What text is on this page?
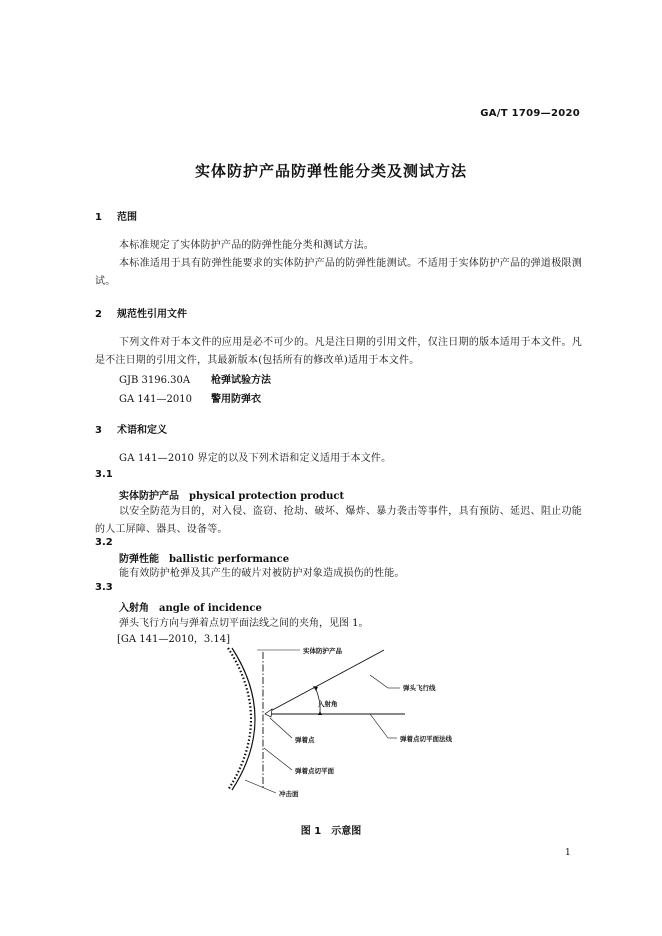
GA/T 1709—2020
实体防护产品防弹性能分类及测试方法
1 范围
本标准规定了实体防护产品的防弹性能分类和测试方法。
本标准适用于具有防弹性能要求的实体防护产品的防弹性能测试。不适用于实体防护产品的弹道极限测试。
2 规范性引用文件
下列文件对于本文件的应用是必不可少的。凡是注日期的引用文件，仅注日期的版本适用于本文件。凡是不注日期的引用文件，其最新版本(包括所有的修改单)适用于本文件。
GJB 3196.30A 枪弹试验方法
GA 141—2010 警用防弹衣
3 术语和定义
GA 141—2010 界定的以及下列术语和定义适用于本文件。
3.1
实体防护产品 physical protection product
以安全防范为目的，对入侵、盗窃、抢劫、破坏、爆炸、暴力袭击等事件，具有预防、延迟、阻止功能的人工屏障、器具、设备等。
3.2
防弹性能 ballistic performance
能有效防护枪弹及其产生的破片对被防护对象造成损伤的性能。
3.3
入射角 angle of incidence
弹头飞行方向与弹着点切平面法线之间的夹角，见图 1。
[GA 141—2010，3.14]
实体防护产品
弹头飞行线
入射角
弹着点	弹着点切平面法线
弹着点切平面
冲击面
图 1　示意图
1
